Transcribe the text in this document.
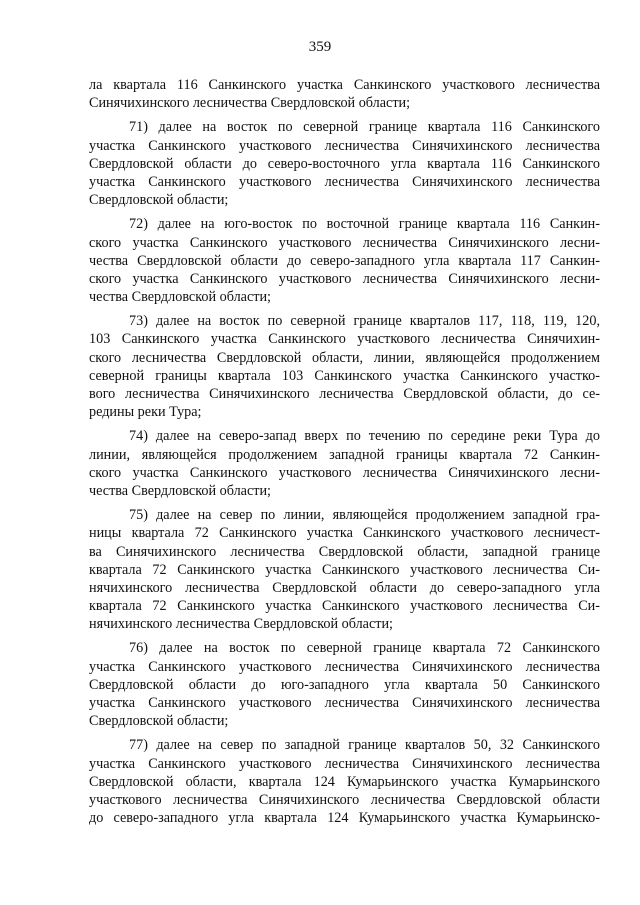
359

ла квартала 116 Санкинского участка Санкинского участкового лесничества
Синячихинского лесничества Свердловской области;

71) далее на восток по северной границе квартала 116 Санкинского
участка Санкинского участкового лесничества Синячихинского лесничества
Свердловской области до северо-восточного угла квартала 116 Санкинского
участка Санкинского участкового лесничества Синячихинского лесничества
Свердловской области;

72) далее на юго-восток по восточной границе квартала 116 Санкин-
ского участка Санкинского участкового лесничества Синячихинского лесни-
чества Свердловской области до северо-западного угла квартала 117 Санкин-
ского участка Санкинского участкового лесничества Синячихинского лесни-
чества Свердловской области;

73) далее на восток по северной границе кварталов 117, 118, 119, 120,
103 Санкинского участка Санкинского участкового лесничества Синячихин-
ского лесничества Свердловской области, линии, являющейся продолжением
северной границы квартала 103 Санкинского участка Санкинского участко-
вого лесничества Синячихинского лесничества Свердловской области, до се-
редины реки Тура;

74) далее на северо-запад вверх по течению по середине реки Тура до
линии, являющейся продолжением западной границы квартала 72 Санкин-
ского участка Санкинского участкового лесничества Синячихинского лесни-
чества Свердловской области;

75) далее на север по линии, являющейся продолжением западной гра-
ницы квартала 72 Санкинского участка Санкинского участкового лесничест-
ва Синячихинского лесничества Свердловской области, западной границе
квартала 72 Санкинского участка Санкинского участкового лесничества Си-
нячихинского лесничества Свердловской области до северо-западного угла
квартала 72 Санкинского участка Санкинского участкового лесничества Си-
нячихинского лесничества Свердловской области;

76) далее на восток по северной границе квартала 72 Санкинского
участка Санкинского участкового лесничества Синячихинского лесничества
Свердловской области до юго-западного угла квартала 50 Санкинского
участка Санкинского участкового лесничества Синячихинского лесничества
Свердловской области;

77) далее на север по западной границе кварталов 50, 32 Санкинского
участка Санкинского участкового лесничества Синячихинского лесничества
Свердловской области, квартала 124 Кумарьинского участка Кумарьинского
участкового лесничества Синячихинского лесничества Свердловской области
до северо-западного угла квартала 124 Кумарьинского участка Кумарьинско-
